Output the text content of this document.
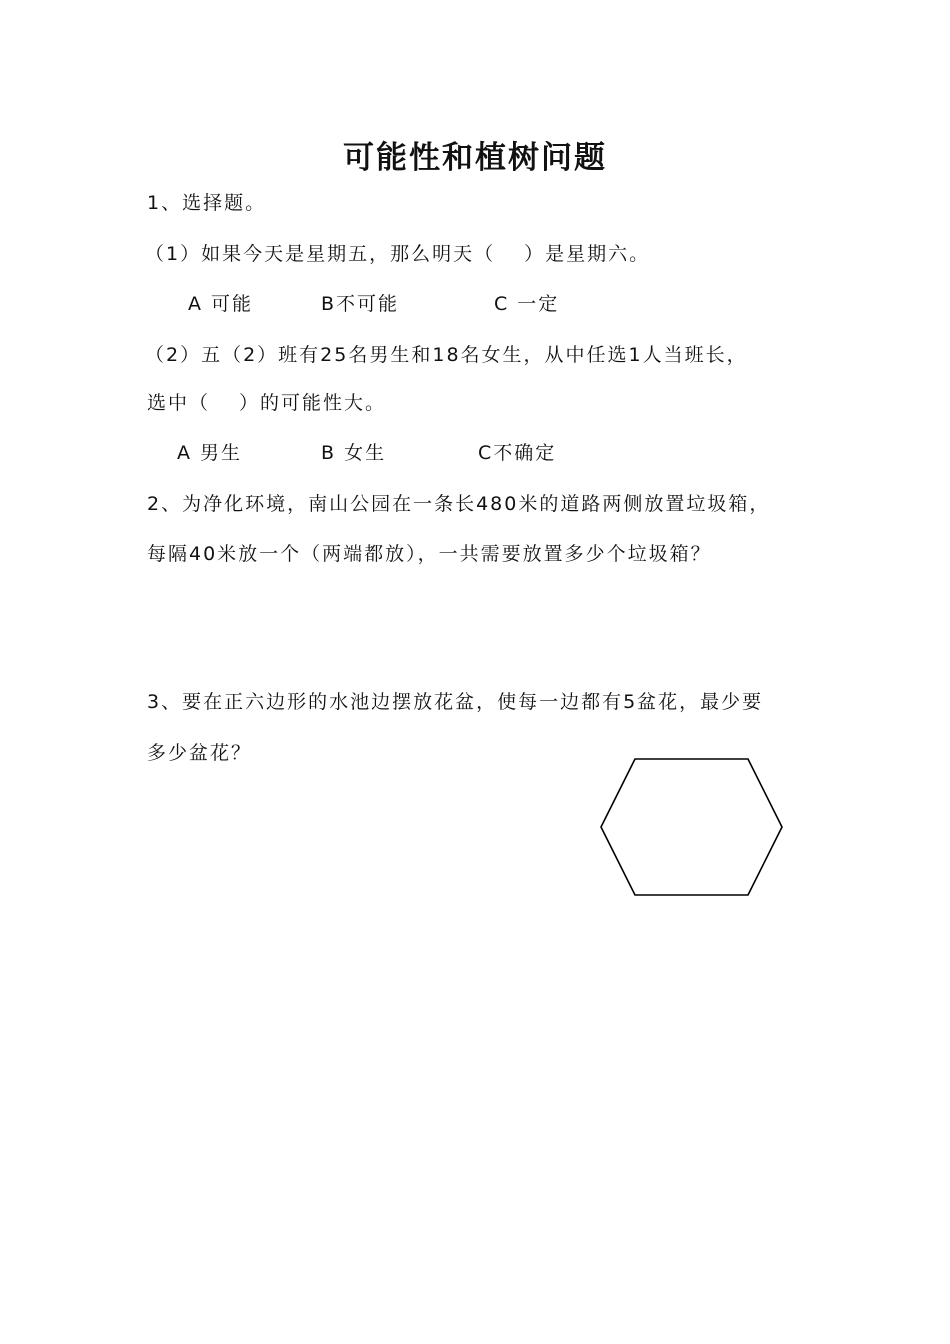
可能性和植树问题
1、选择题。
（1）如果今天是星期五，那么明天（　 ）是星期六。
A 可能	B不可能	C 一定
（2）五（2）班有25名男生和18名女生，从中任选1人当班长，
选中（　 ）的可能性大。
A 男生	B 女生	C不确定
2、为净化环境，南山公园在一条长480米的道路两侧放置垃圾箱，
每隔40米放一个（两端都放），一共需要放置多少个垃圾箱？
3、要在正六边形的水池边摆放花盆，使每一边都有5盆花，最少要
多少盆花？
